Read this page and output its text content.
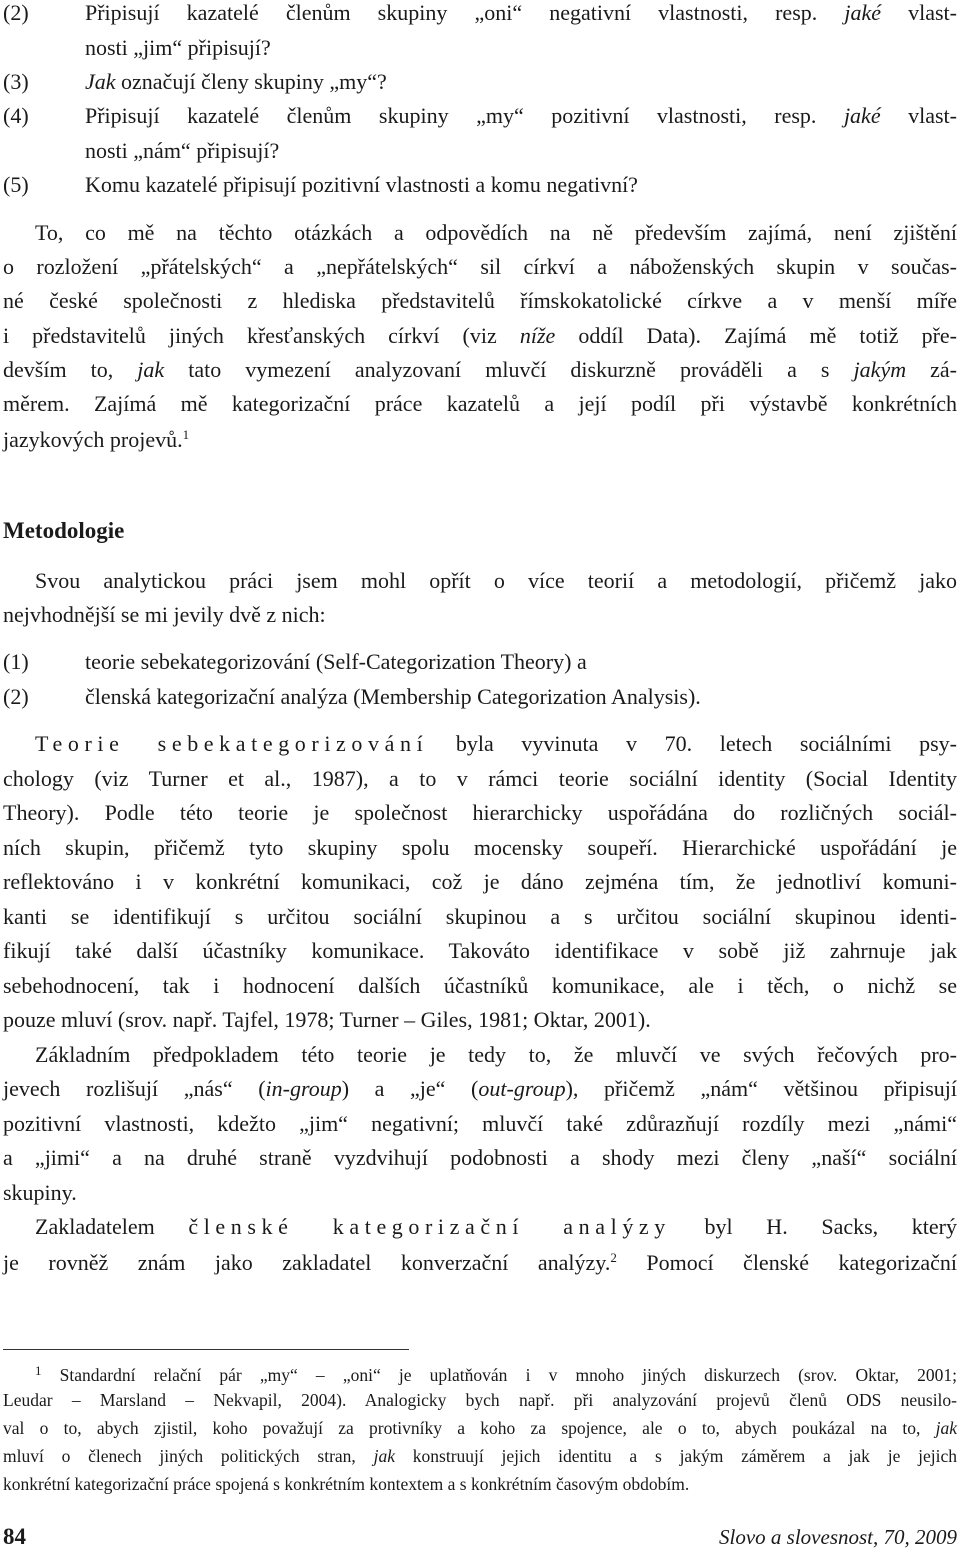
(2)	Připisují kazatelé členům skupiny „oni“ negativní vlastnosti, resp. jaké vlast-
nosti „jim“ připisují?
(3)	Jak označují členy skupiny „my“?
(4)	Připisují kazatelé členům skupiny „my“ pozitivní vlastnosti, resp. jaké vlast-
nosti „nám“ připisují?
(5)	Komu kazatelé připisují pozitivní vlastnosti a komu negativní?
To, co mě na těchto otázkách a odpovědích na ně především zajímá, není zjištění
o rozložení „přátelských“ a „nepřátelských“ sil církví a náboženských skupin v součas-
né české společnosti z hlediska představitelů římskokatolické církve a v menší míře
i představitelů jiných křesťanských církví (viz níže oddíl Data). Zajímá mě totiž pře-
devším to, jak tato vymezení analyzovaní mluvčí diskurzně prováděli a s jakým zá-
měrem. Zajímá mě kategorizační práce kazatelů a její podíl při výstavbě konkrétních
jazykových projevů.$^1$
Metodologie
Svou analytickou práci jsem mohl opřít o více teorií a metodologií, přičemž jako
nejvhodnější se mi jevily dvě z nich:
(1)	teorie sebekategorizování (Self-Categorization Theory) a
(2)	členská kategorizační analýza (Membership Categorization Analysis).
Teorie sebekategorizování byla vyvinuta v 70. letech sociálními psy-
chology (viz Turner et al., 1987), a to v rámci teorie sociální identity (Social Identity
Theory). Podle této teorie je společnost hierarchicky uspořádána do rozličných sociál-
ních skupin, přičemž tyto skupiny spolu mocensky soupeří. Hierarchické uspořádání je
reflektováno i v konkrétní komunikaci, což je dáno zejména tím, že jednotliví komuni-
kanti se identifikují s určitou sociální skupinou a s určitou sociální skupinou identi-
fikují také další účastníky komunikace. Takováto identifikace v sobě již zahrnuje jak
sebehodnocení, tak i hodnocení dalších účastníků komunikace, ale i těch, o nichž se
pouze mluví (srov. např. Tajfel, 1978; Turner – Giles, 1981; Oktar, 2001).
Základním předpokladem této teorie je tedy to, že mluvčí ve svých řečových pro-
jevech rozlišují „nás“ (in-group) a „je“ (out-group), přičemž „nám“ většinou připisují
pozitivní vlastnosti, kdežto „jim“ negativní; mluvčí také zdůrazňují rozdíly mezi „námi“
a „jimi“ a na druhé straně vyzdvihují podobnosti a shody mezi členy „naší“ sociální
skupiny.
Zakladatelem členské kategorizační analýzy byl H. Sacks, který
je rovněž znám jako zakladatel konverzační analýzy.$^2$ Pomocí členské kategorizační
$^1$ Standardní relační pár „my“ – „oni“ je uplatňován i v mnoho jiných diskurzech (srov. Oktar, 2001;
Leudar – Marsland – Nekvapil, 2004). Analogicky bych např. při analyzování projevů členů ODS neusilo-
val o to, abych zjistil, koho považují za protivníky a koho za spojence, ale o to, abych poukázal na to, jak
mluví o členech jiných politických stran, jak konstruují jejich identitu a s jakým záměrem a jak je jejich
konkrétní kategorizační práce spojená s konkrétním kontextem a s konkrétním časovým obdobím.
84	Slovo a slovesnost, 70, 2009
